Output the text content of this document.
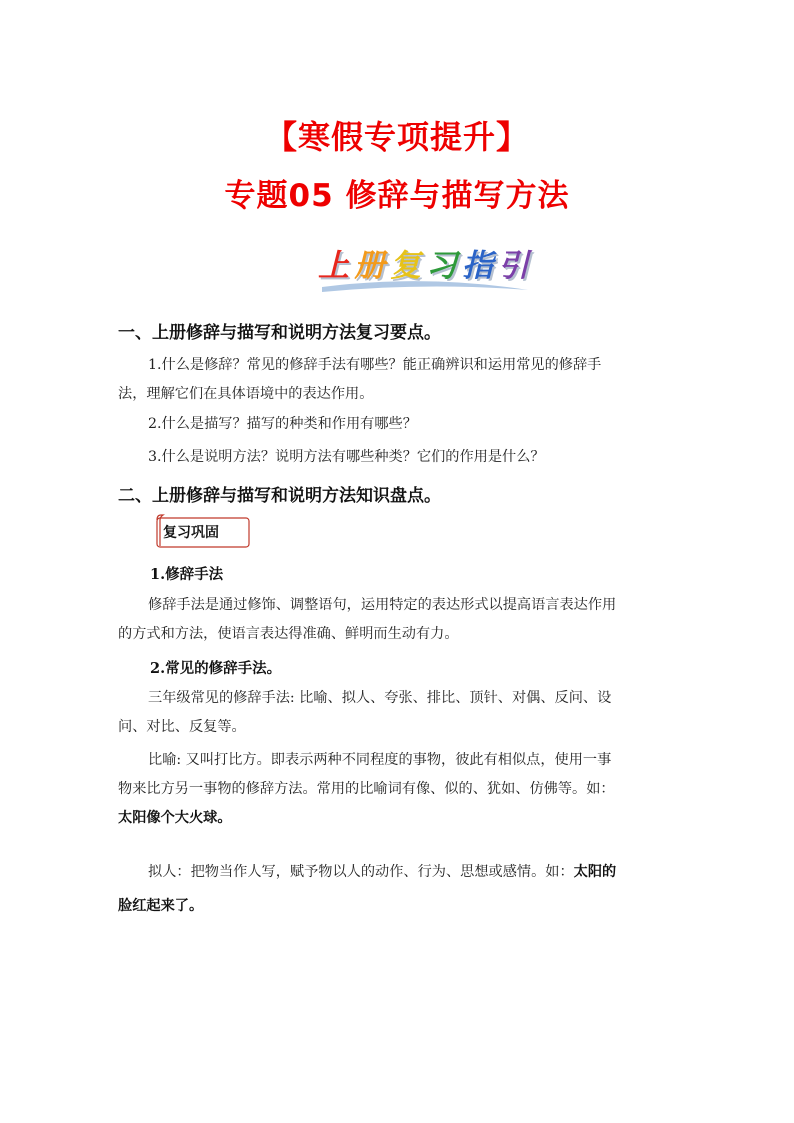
【寒假专项提升】
专题05 修辞与描写方法
上 册 复 习 指 引
一、上册修辞与描写和说明方法复习要点。
1.什么是修辞？常见的修辞手法有哪些？能正确辨识和运用常见的修辞手
法，理解它们在具体语境中的表达作用。
2.什么是描写？描写的种类和作用有哪些？
3.什么是说明方法？说明方法有哪些种类？它们的作用是什么？
二、上册修辞与描写和说明方法知识盘点。
复习巩固
1.修辞手法
修辞手法是通过修饰、调整语句，运用特定的表达形式以提高语言表达作用
的方式和方法，使语言表达得准确、鲜明而生动有力。
2.常见的修辞手法。
三年级常见的修辞手法: 比喻、拟人、夸张、排比、顶针、对偶、反问、设
问、对比、反复等。
比喻: 又叫打比方。即表示两种不同程度的事物，彼此有相似点，使用一事
物来比方另一事物的修辞方法。常用的比喻词有像、似的、犹如、仿佛等。如：
太阳像个大火球。
拟人：把物当作人写，赋予物以人的动作、行为、思想或感情。如：太阳的
脸红起来了。
